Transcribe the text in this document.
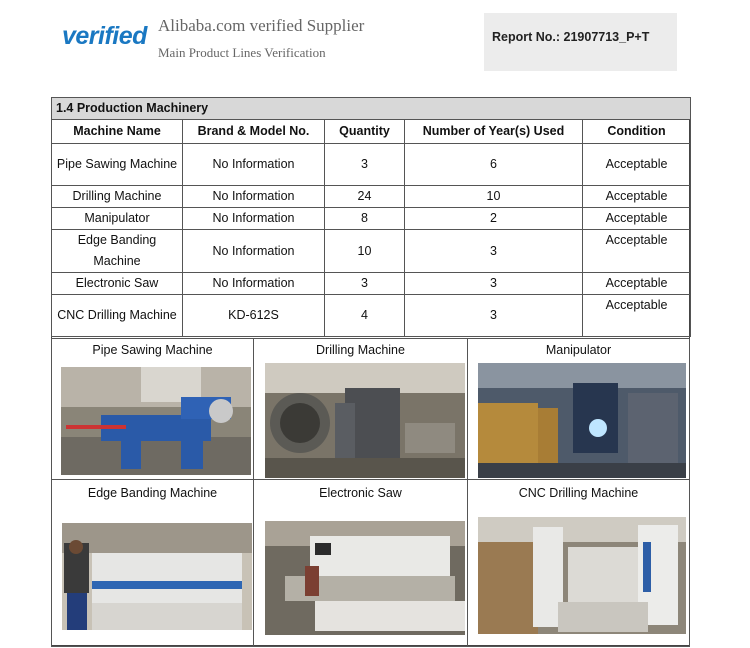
verified Alibaba.com verified Supplier
Main Product Lines Verification
Report No.: 21907713_P+T
1.4 Production Machinery				
Machine Name	Brand & Model No.	Quantity	Number of Year(s) Used	Condition
Pipe Sawing Machine	No Information	3	6	Acceptable
Drilling Machine	No Information	24	10	Acceptable
Manipulator	No Information	8	2	Acceptable
Edge Banding Machine	No Information	10	3	Acceptable
Electronic Saw	No Information	3	3	Acceptable
CNC Drilling Machine	KD-612S	4	3	Acceptable
Pipe Sawing Machine	Drilling Machine	Manipulator
Edge Banding Machine	Electronic Saw	CNC Drilling Machine
